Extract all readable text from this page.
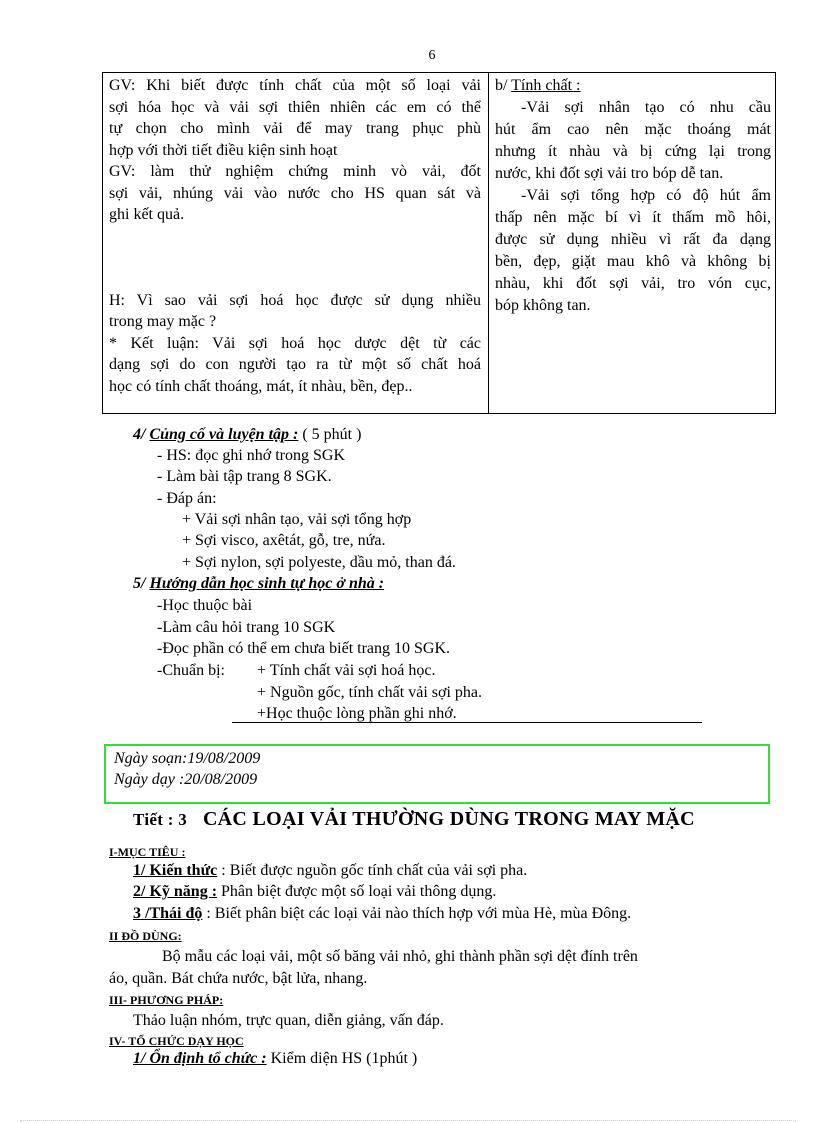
6
GV: Khi biết được tính chất của một số loại vải
sợi hóa học và vải sợi thiên nhiên các em có thể
tự chọn cho mình vải để may trang phục phù
hợp với thời tiết điều kiện sinh hoạt
GV: làm thử nghiệm chứng minh vò vải, đốt
sợi vải, nhúng vải vào nước cho HS quan sát và
ghi kết quả.
H: Vì sao vải sợi hoá học được sử dụng nhiều
trong may mặc ?
* Kết luận: Vải sợi hoá học dược dệt từ các
dạng sợi do con người tạo ra từ một số chất hoá
học có tính chất thoáng, mát, ít nhàu, bền, đẹp..
b/ Tính chất :
-Vải sợi nhân tạo có nhu cầu
hút ẩm cao nên mặc thoáng mát
nhưng ít nhàu và bị cứng lại trong
nước, khi đốt sợi vải tro bóp dễ tan.
-Vải sợi tổng hợp có độ hút ẩm
thấp nên mặc bí vì ít thấm mồ hôi,
được sử dụng nhiều vì rất đa dạng
bền, đẹp, giặt mau khô và không bị
nhàu, khi đốt sợi vải, tro vón cục,
bóp không tan.
4/ Củng cố và luyện tập : ( 5 phút )
- HS: đọc ghi nhớ trong SGK
- Làm bài tập trang 8 SGK.
- Đáp án:
+ Vải sợi nhân tạo, vải sợi tổng hợp
+ Sợi visco, axêtát, gỗ, tre, nứa.
+ Sợi nylon, sợi polyeste, dầu mỏ, than đá.
5/ Hướng dẫn học sinh tự học ở nhà :
-Học thuộc bài
-Làm câu hỏi trang 10 SGK
-Đọc phần có thể em chưa biết trang 10 SGK.
-Chuẩn bị: + Tính chất vải sợi hoá học.
+ Nguồn gốc, tính chất vải sợi pha.
+Học thuộc lòng phần ghi nhớ.
Ngày soạn:19/08/2009
Ngày dạy :20/08/2009
Tiết : 3 CÁC LOẠI VẢI THƯỜNG DÙNG TRONG MAY MẶC
I-MỤC TIÊU :
1/ Kiến thức : Biết được nguồn gốc tính chất của vải sợi pha.
2/ Kỹ năng : Phân biệt được một số loại vải thông dụng.
3 /Thái độ : Biết phân biệt các loại vải nào thích hợp với mùa Hè, mùa Đông.
II ĐỒ DÙNG:
Bộ mẫu các loại vải, một số băng vải nhỏ, ghi thành phần sợi dệt đính trên
áo, quần. Bát chứa nước, bật lửa, nhang.
III- PHƯƠNG PHÁP:
Thảo luận nhóm, trực quan, diễn giảng, vấn đáp.
IV- TỔ CHỨC DẠY HỌC
1/ Ổn định tổ chức : Kiểm diện HS (1phút )
